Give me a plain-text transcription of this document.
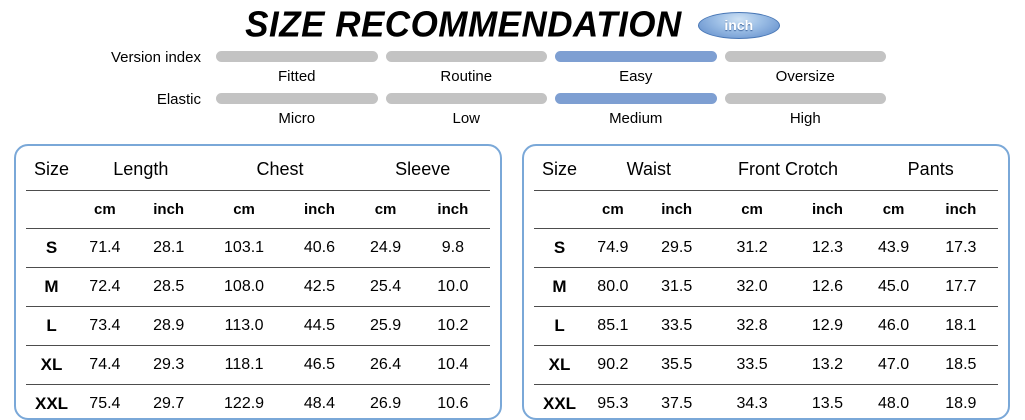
SIZE RECOMMENDATION	inch
Version index
Fitted	Routine	Easy	Oversize
Elastic
Micro	Low	Medium	High
Size	Length		Chest		Sleeve	
	cm	inch	cm	inch	cm	inch
S	71.4	28.1	103.1	40.6	24.9	9.8
M	72.4	28.5	108.0	42.5	25.4	10.0
L	73.4	28.9	113.0	44.5	25.9	10.2
XL	74.4	29.3	118.1	46.5	26.4	10.4
XXL	75.4	29.7	122.9	48.4	26.9	10.6
Size	Waist		Front Crotch		Pants	
	cm	inch	cm	inch	cm	inch
S	74.9	29.5	31.2	12.3	43.9	17.3
M	80.0	31.5	32.0	12.6	45.0	17.7
L	85.1	33.5	32.8	12.9	46.0	18.1
XL	90.2	35.5	33.5	13.2	47.0	18.5
XXL	95.3	37.5	34.3	13.5	48.0	18.9
